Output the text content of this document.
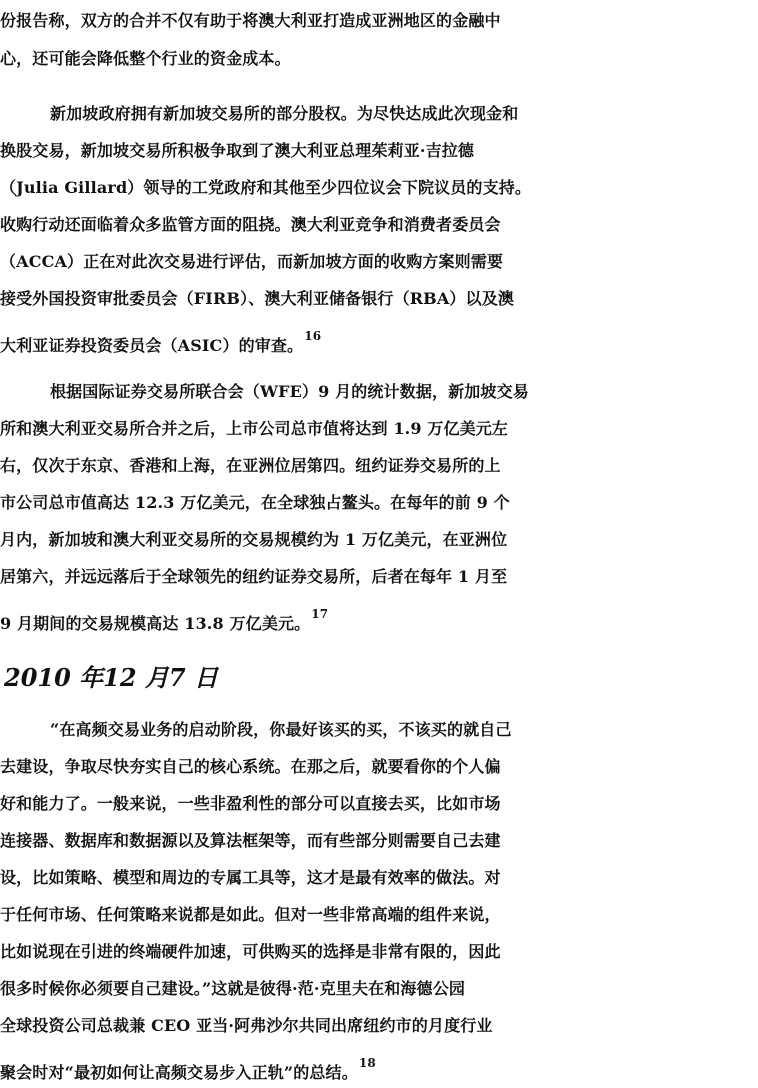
份报告称，双方的合并不仅有助于将澳大利亚打造成亚洲地区的金融中
心，还可能会降低整个行业的资金成本。
新加坡政府拥有新加坡交易所的部分股权。为尽快达成此次现金和
换股交易，新加坡交易所积极争取到了澳大利亚总理茱莉亚·吉拉德
（Julia Gillard）领导的工党政府和其他至少四位议会下院议员的支持。
收购行动还面临着众多监管方面的阻挠。澳大利亚竞争和消费者委员会
（ACCA）正在对此次交易进行评估，而新加坡方面的收购方案则需要
接受外国投资审批委员会（FIRB）、澳大利亚储备银行（RBA）以及澳
大利亚证券投资委员会（ASIC）的审查。$^{16}$
根据国际证券交易所联合会（WFE）9 月的统计数据，新加坡交易
所和澳大利亚交易所合并之后，上市公司总市值将达到 1.9 万亿美元左
右，仅次于东京、香港和上海，在亚洲位居第四。纽约证券交易所的上
市公司总市值高达 12.3 万亿美元，在全球独占鳌头。在每年的前 9 个
月内，新加坡和澳大利亚交易所的交易规模约为 1 万亿美元，在亚洲位
居第六，并远远落后于全球领先的纽约证券交易所，后者在每年 1 月至
9 月期间的交易规模高达 13.8 万亿美元。$^{17}$
2010 年12 月7 日
“在高频交易业务的启动阶段，你最好该买的买，不该买的就自己
去建设，争取尽快夯实自己的核心系统。在那之后，就要看你的个人偏
好和能力了。一般来说，一些非盈利性的部分可以直接去买，比如市场
连接器、数据库和数据源以及算法框架等，而有些部分则需要自己去建
设，比如策略、模型和周边的专属工具等，这才是最有效率的做法。对
于任何市场、任何策略来说都是如此。但对一些非常高端的组件来说，
比如说现在引进的终端硬件加速，可供购买的选择是非常有限的，因此
很多时候你必须要自己建设。”这就是彼得·范·克里夫在和海德公园
全球投资公司总裁兼 CEO 亚当·阿弗沙尔共同出席纽约市的月度行业
聚会时对“最初如何让高频交易步入正轨”的总结。$^{18}$
